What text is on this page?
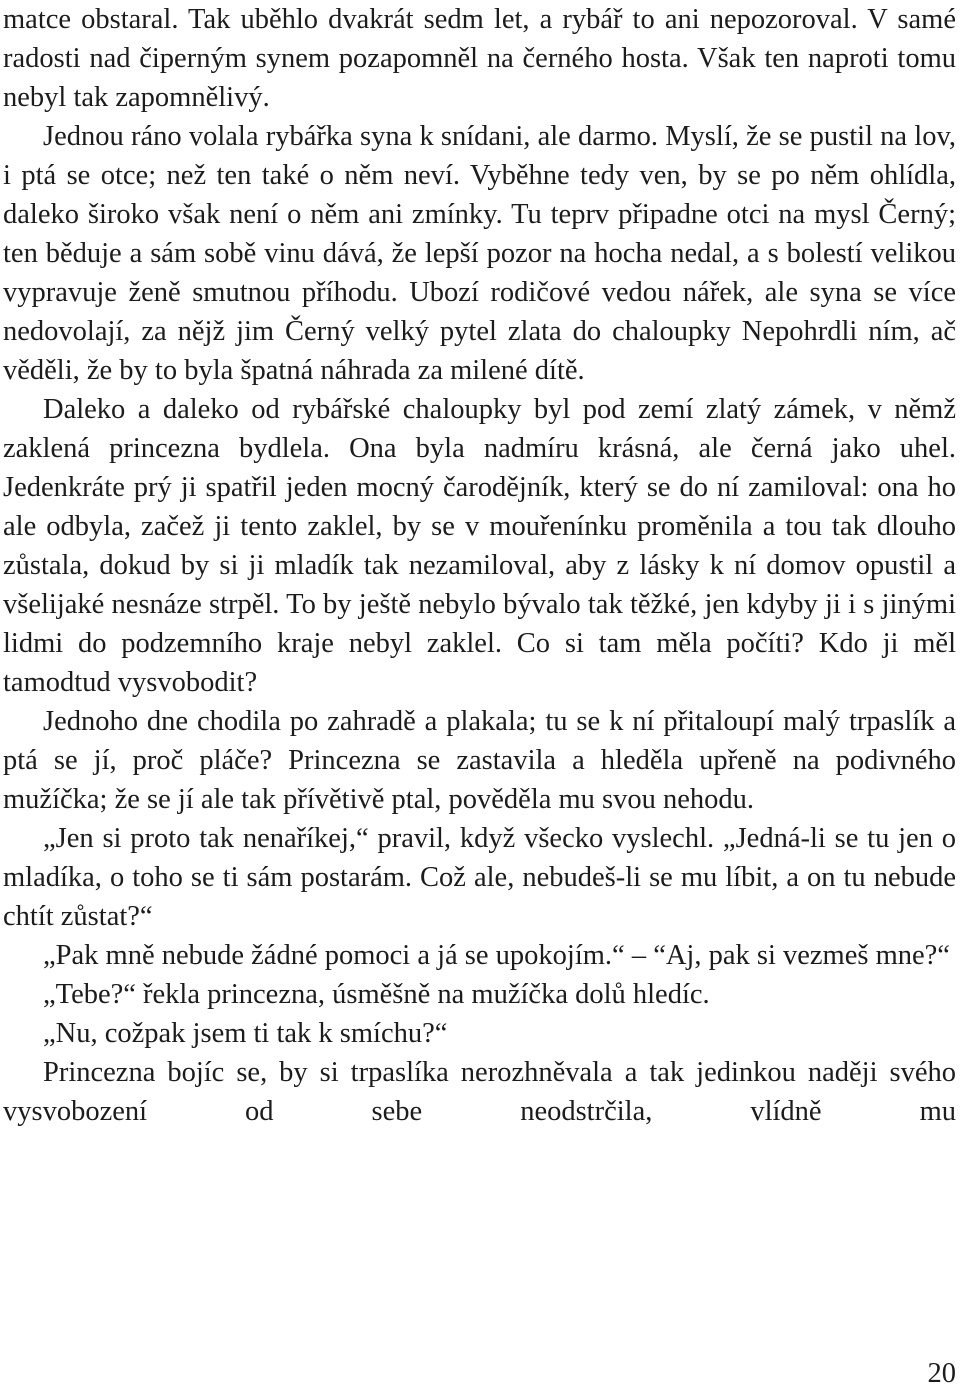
matce obstaral. Tak uběhlo dvakrát sedm let, a rybář to ani nepozoroval. V samé radosti nad čiperným synem pozapomněl na černého hosta. Však ten naproti tomu nebyl tak zapomnělivý.

Jednou ráno volala rybářka syna k snídani, ale darmo. Myslí, že se pustil na lov, i ptá se otce; než ten také o něm neví. Vyběhne tedy ven, by se po něm ohlídla, daleko široko však není o něm ani zmínky. Tu teprv připadne otci na mysl Černý; ten běduje a sám sobě vinu dává, že lepší pozor na hocha nedal, a s bolestí velikou vypravuje ženě smutnou příhodu. Ubozí rodičové vedou nářek, ale syna se více nedovolají, za nějž jim Černý velký pytel zlata do chaloupky Nepohrdli ním, ač věděli, že by to byla špatná náhrada za milené dítě.

Daleko a daleko od rybářské chaloupky byl pod zemí zlatý zámek, v němž zaklená princezna bydlela. Ona byla nadmíru krásná, ale černá jako uhel. Jedenkráte prý ji spatřil jeden mocný čarodějník, který se do ní zamiloval: ona ho ale odbyla, začež ji tento zaklel, by se v mouřenínku proměnila a tou tak dlouho zůstala, dokud by si ji mladík tak nezamiloval, aby z lásky k ní domov opustil a všelijaké nesnáze strpěl. To by ještě nebylo bývalo tak těžké, jen kdyby ji i s jinými lidmi do podzemního kraje nebyl zaklel. Co si tam měla počíti? Kdo ji měl tamodtud vysvobodit?

Jednoho dne chodila po zahradě a plakala; tu se k ní přitaloupí malý trpaslík a ptá se jí, proč pláče? Princezna se zastavila a hleděla upřeně na podivného mužíčka; že se jí ale tak přívětivě ptal, pověděla mu svou nehodu.

„Jen si proto tak nenaříkej,“ pravil, když všecko vyslechl. „Jedná-li se tu jen o mladíka, o toho se ti sám postarám. Což ale, nebudeš-li se mu líbit, a on tu nebude chtít zůstat?“

„Pak mně nebude žádné pomoci a já se upokojím.“ – “Aj, pak si vezmeš mne?“

„Tebe?“ řekla princezna, úsměšně na mužíčka dolů hledíc.

„Nu, cožpak jsem ti tak k smíchu?“

Princezna bojíc se, by si trpaslíka nerozhněvala a tak jedinkou naději svého vysvobození od sebe neodstrčila, vlídně mu

20
